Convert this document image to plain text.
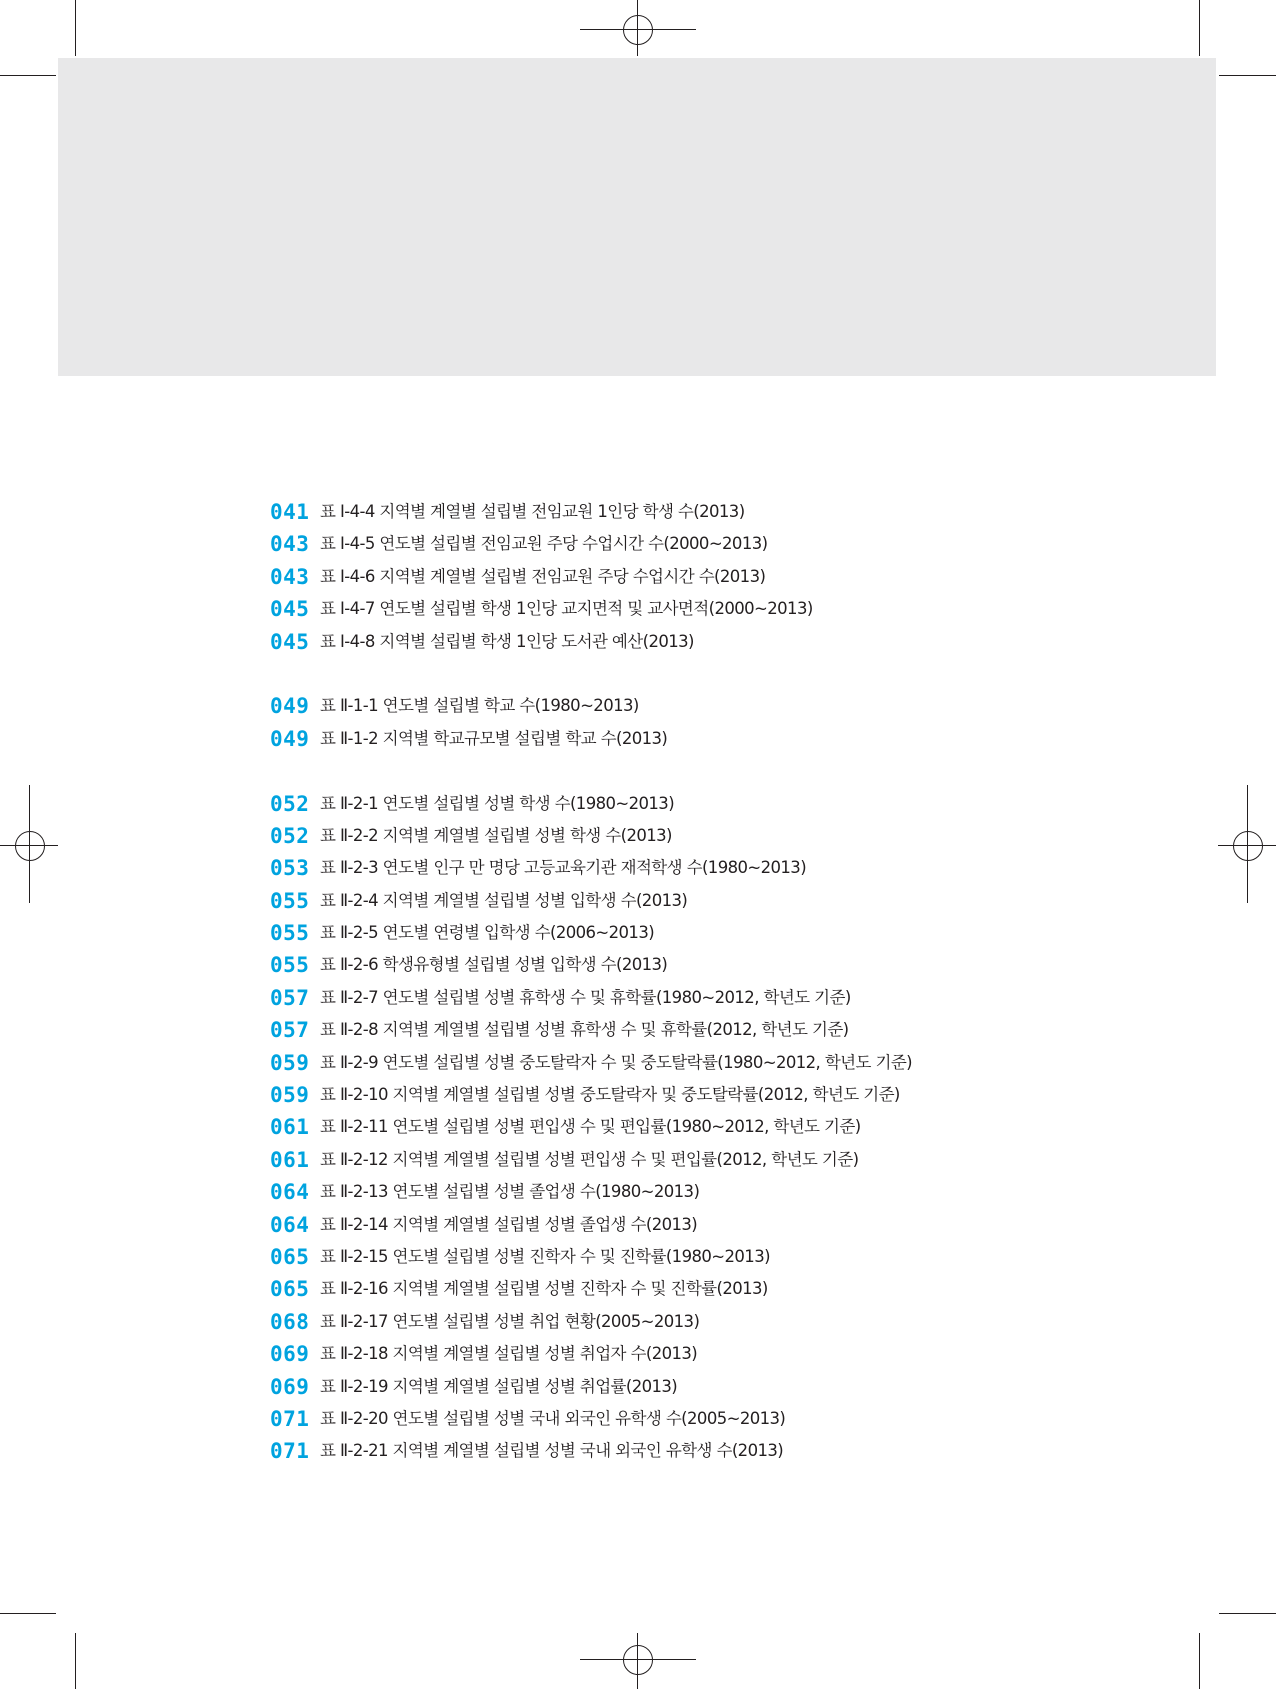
041 표 Ⅰ-4-4 지역별 계열별 설립별 전임교원 1인당 학생 수(2013)
043 표 Ⅰ-4-5 연도별 설립별 전임교원 주당 수업시간 수(2000~2013)
043 표 Ⅰ-4-6 지역별 계열별 설립별 전임교원 주당 수업시간 수(2013)
045 표 Ⅰ-4-7 연도별 설립별 학생 1인당 교지면적 및 교사면적(2000~2013)
045 표 Ⅰ-4-8 지역별 설립별 학생 1인당 도서관 예산(2013)
049 표 Ⅱ-1-1 연도별 설립별 학교 수(1980~2013)
049 표 Ⅱ-1-2 지역별 학교규모별 설립별 학교 수(2013)
052 표 Ⅱ-2-1 연도별 설립별 성별 학생 수(1980~2013)
052 표 Ⅱ-2-2 지역별 계열별 설립별 성별 학생 수(2013)
053 표 Ⅱ-2-3 연도별 인구 만 명당 고등교육기관 재적학생 수(1980~2013)
055 표 Ⅱ-2-4 지역별 계열별 설립별 성별 입학생 수(2013)
055 표 Ⅱ-2-5 연도별 연령별 입학생 수(2006~2013)
055 표 Ⅱ-2-6 학생유형별 설립별 성별 입학생 수(2013)
057 표 Ⅱ-2-7 연도별 설립별 성별 휴학생 수 및 휴학률(1980~2012, 학년도 기준)
057 표 Ⅱ-2-8 지역별 계열별 설립별 성별 휴학생 수 및 휴학률(2012, 학년도 기준)
059 표 Ⅱ-2-9 연도별 설립별 성별 중도탈락자 수 및 중도탈락률(1980~2012, 학년도 기준)
059 표 Ⅱ-2-10 지역별 계열별 설립별 성별 중도탈락자 및 중도탈락률(2012, 학년도 기준)
061 표 Ⅱ-2-11 연도별 설립별 성별 편입생 수 및 편입률(1980~2012, 학년도 기준)
061 표 Ⅱ-2-12 지역별 계열별 설립별 성별 편입생 수 및 편입률(2012, 학년도 기준)
064 표 Ⅱ-2-13 연도별 설립별 성별 졸업생 수(1980~2013)
064 표 Ⅱ-2-14 지역별 계열별 설립별 성별 졸업생 수(2013)
065 표 Ⅱ-2-15 연도별 설립별 성별 진학자 수 및 진학률(1980~2013)
065 표 Ⅱ-2-16 지역별 계열별 설립별 성별 진학자 수 및 진학률(2013)
068 표 Ⅱ-2-17 연도별 설립별 성별 취업 현황(2005~2013)
069 표 Ⅱ-2-18 지역별 계열별 설립별 성별 취업자 수(2013)
069 표 Ⅱ-2-19 지역별 계열별 설립별 성별 취업률(2013)
071 표 Ⅱ-2-20 연도별 설립별 성별 국내 외국인 유학생 수(2005~2013)
071 표 Ⅱ-2-21 지역별 계열별 설립별 성별 국내 외국인 유학생 수(2013)
